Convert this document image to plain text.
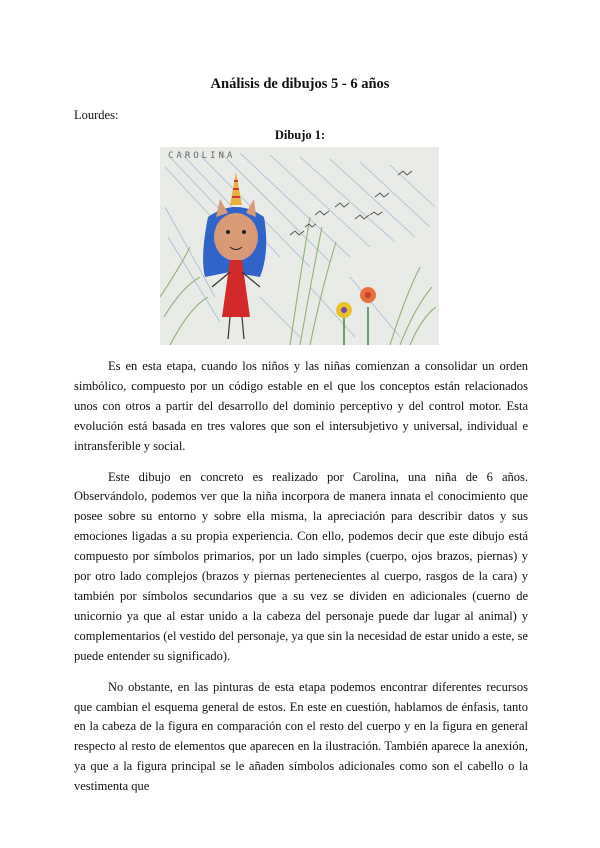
Análisis de dibujos 5 - 6 años
Lourdes:
Dibujo 1:
CAROLINA

Es en esta etapa, cuando los niños y las niñas comienzan a consolidar un orden simbólico, compuesto por un código estable en el que los conceptos están relacionados unos con otros a partir del desarrollo del dominio perceptivo y del control motor. Esta evolución está basada en tres valores que son el intersubjetivo y universal, individual e intransferible y social.

Este dibujo en concreto es realizado por Carolina, una niña de 6 años. Observándolo, podemos ver que la niña incorpora de manera innata el conocimiento que posee sobre su entorno y sobre ella misma, la apreciación para describir datos y sus emociones ligadas a su propia experiencia. Con ello, podemos decir que este dibujo está compuesto por símbolos primarios, por un lado simples (cuerpo, ojos brazos, piernas) y por otro lado complejos (brazos y piernas pertenecientes al cuerpo, rasgos de la cara) y también por símbolos secundarios que a su vez se dividen en adicionales (cuerno de unicornio ya que al estar unido a la cabeza del personaje puede dar lugar al animal) y complementarios (el vestido del personaje, ya que sin la necesidad de estar unido a este, se puede entender su significado).

No obstante, en las pinturas de esta etapa podemos encontrar diferentes recursos que cambian el esquema general de estos. En este en cuestión, hablamos de énfasis, tanto en la cabeza de la figura en comparación con el resto del cuerpo y en la figura en general respecto al resto de elementos que aparecen en la ilustración. También aparece la anexión, ya que a la figura principal se le añaden símbolos adicionales como son el cabello o la vestimenta que
